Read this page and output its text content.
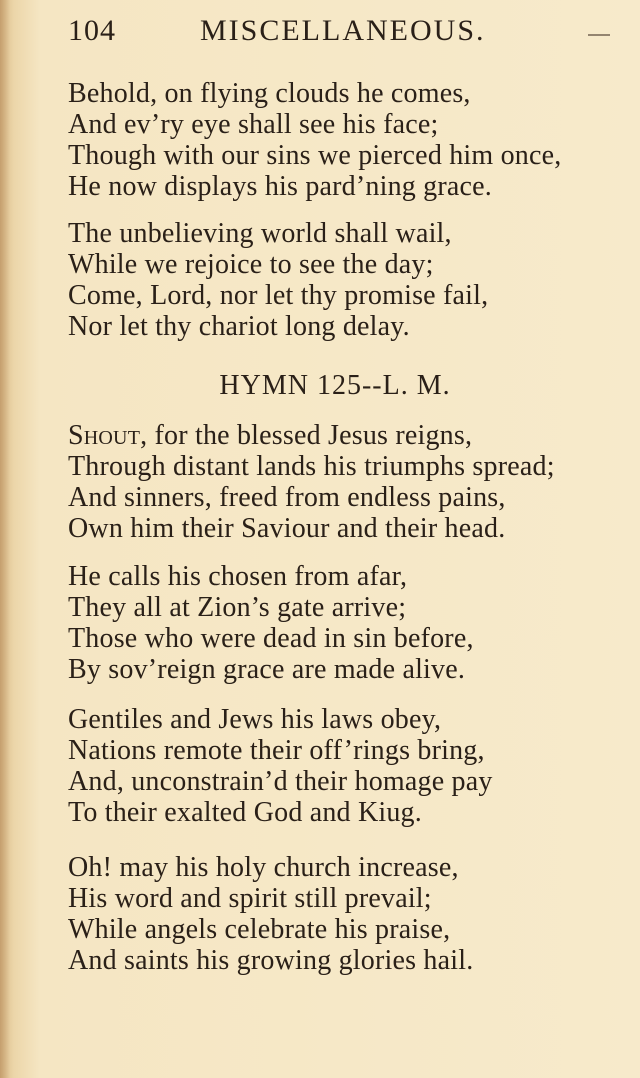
104	MISCELLANEOUS.

Behold, on flying clouds he comes,
And ev’ry eye shall see his face;
Though with our sins we pierced him once,
He now displays his pard’ning grace.

The unbelieving world shall wail,
While we rejoice to see the day;
Come, Lord, nor let thy promise fail,
Nor let thy chariot long delay.

HYMN 125--L. M.

Shout, for the blessed Jesus reigns,
Through distant lands his triumphs spread;
And sinners, freed from endless pains,
Own him their Saviour and their head.

He calls his chosen from afar,
They all at Zion’s gate arrive;
Those who were dead in sin before,
By sov’reign grace are made alive.

Gentiles and Jews his laws obey,
Nations remote their off’rings bring,
And, unconstrain’d their homage pay
To their exalted God and Kiug.

Oh! may his holy church increase,
His word and spirit still prevail;
While angels celebrate his praise,
And saints his growing glories hail.
